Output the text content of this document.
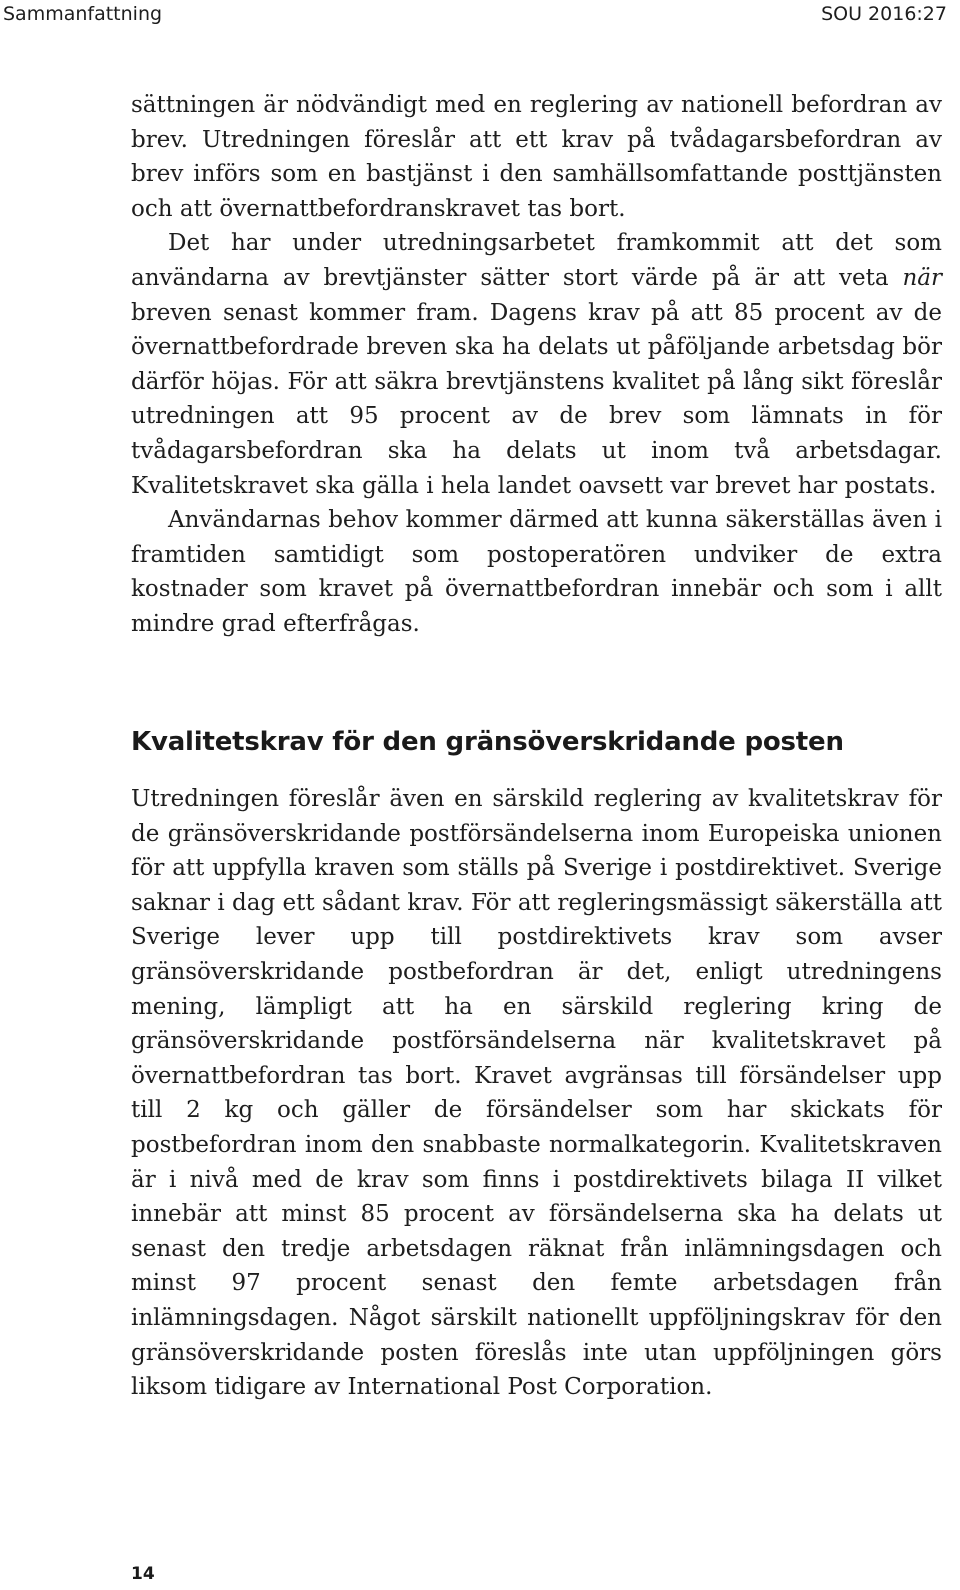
Sammanfattning	SOU 2016:27

sättningen är nödvändigt med en reglering av nationell befordran av brev. Utredningen föreslår att ett krav på tvådagarsbefordran av brev införs som en bastjänst i den samhällsomfattande posttjänsten och att övernattbefordranskravet tas bort.

Det har under utredningsarbetet framkommit att det som användarna av brevtjänster sätter stort värde på är att veta när breven senast kommer fram. Dagens krav på att 85 procent av de övernattbefordrade breven ska ha delats ut påföljande arbetsdag bör därför höjas. För att säkra brevtjänstens kvalitet på lång sikt föreslår utredningen att 95 procent av de brev som lämnats in för tvådagarsbefordran ska ha delats ut inom två arbetsdagar. Kvalitetskravet ska gälla i hela landet oavsett var brevet har postats.

Användarnas behov kommer därmed att kunna säkerställas även i framtiden samtidigt som postoperatören undviker de extra kostnader som kravet på övernattbefordran innebär och som i allt mindre grad efterfrågas.

Kvalitetskrav för den gränsöverskridande posten

Utredningen föreslår även en särskild reglering av kvalitetskrav för de gränsöverskridande postförsändelserna inom Europeiska unionen för att uppfylla kraven som ställs på Sverige i postdirektivet. Sverige saknar i dag ett sådant krav. För att regleringsmässigt säkerställa att Sverige lever upp till postdirektivets krav som avser gränsöverskridande postbefordran är det, enligt utredningens mening, lämpligt att ha en särskild reglering kring de gränsöverskridande postförsändelserna när kvalitetskravet på övernattbefordran tas bort. Kravet avgränsas till försändelser upp till 2 kg och gäller de försändelser som har skickats för postbefordran inom den snabbaste normalkategorin. Kvalitetskraven är i nivå med de krav som finns i postdirektivets bilaga II vilket innebär att minst 85 procent av försändelserna ska ha delats ut senast den tredje arbetsdagen räknat från inlämningsdagen och minst 97 procent senast den femte arbetsdagen från inlämningsdagen. Något särskilt nationellt uppföljningskrav för den gränsöverskridande posten föreslås inte utan uppföljningen görs liksom tidigare av International Post Corporation.

14
